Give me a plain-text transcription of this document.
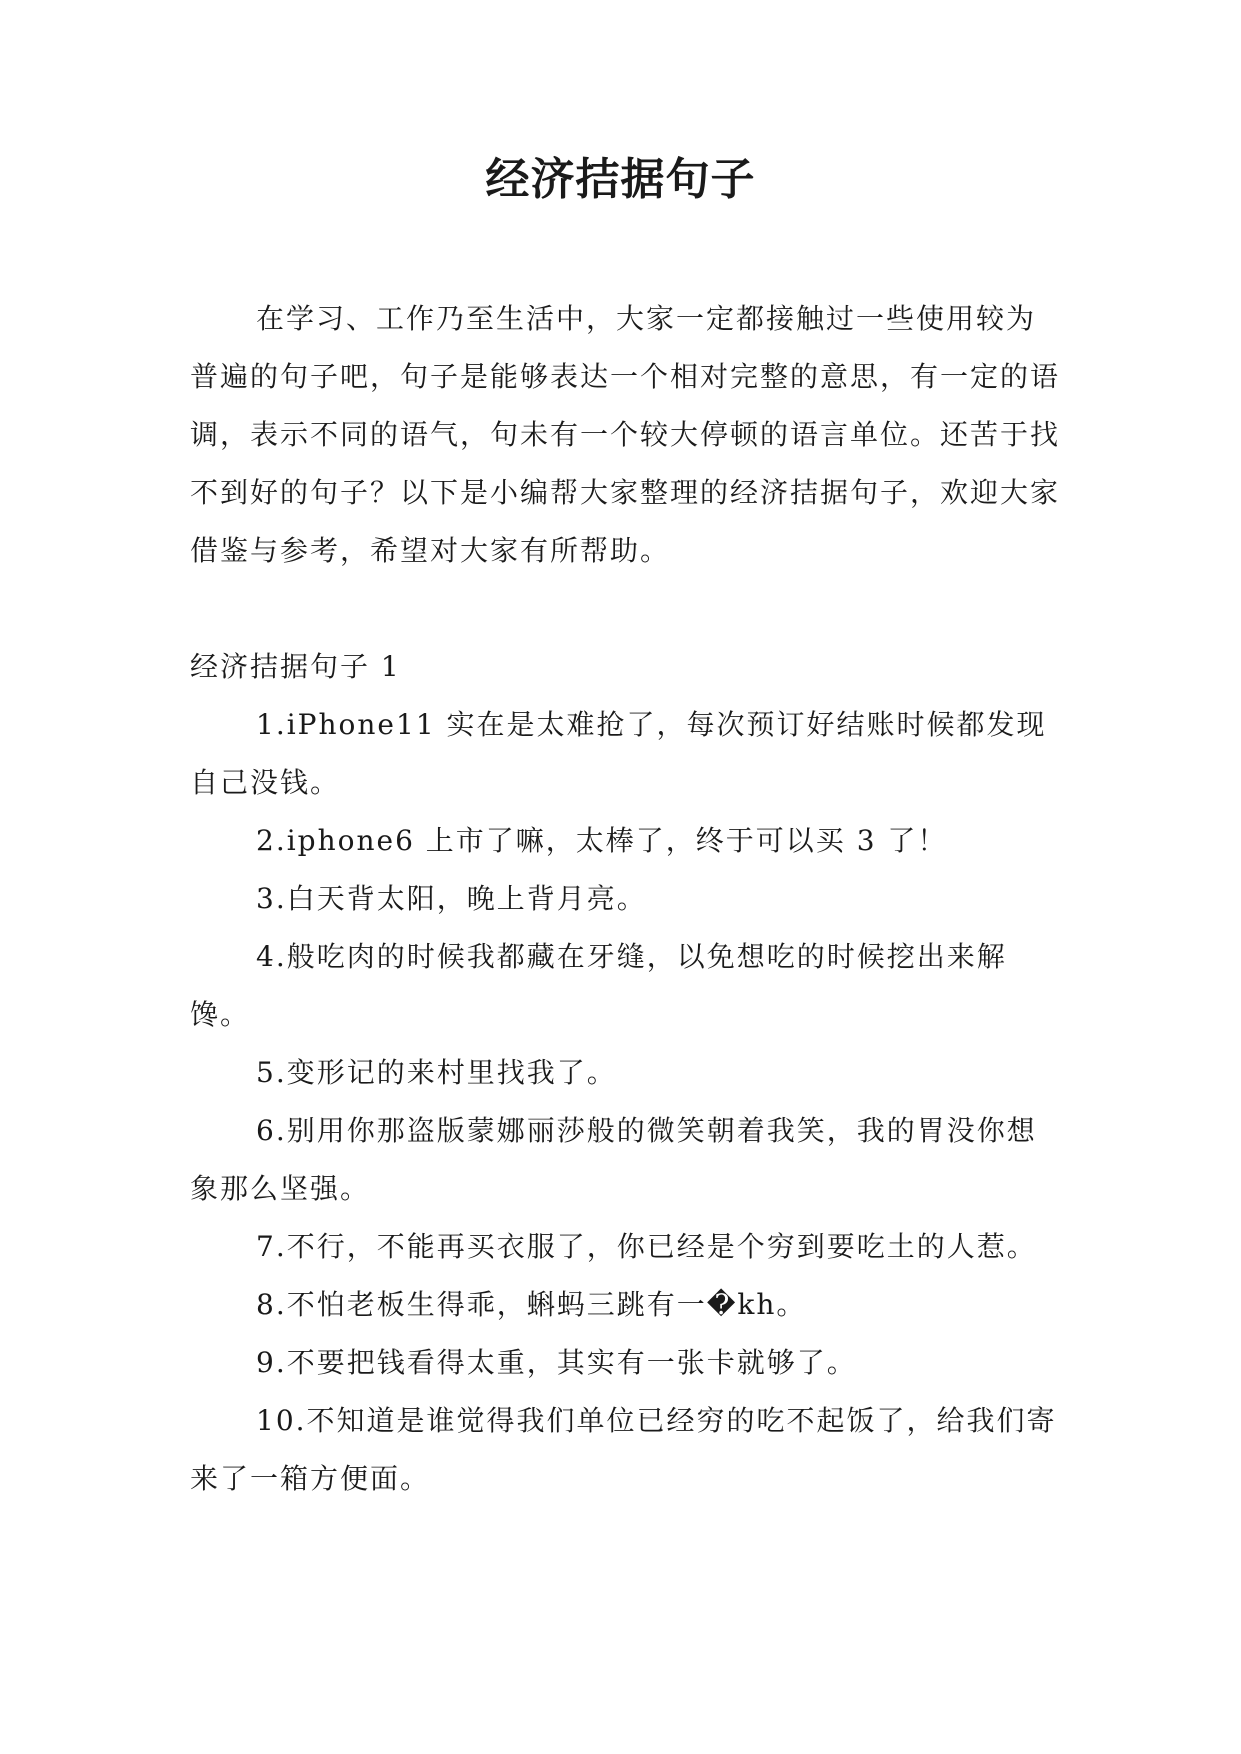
经济拮据句子

在学习、工作乃至生活中，大家一定都接触过一些使用较为普遍的句子吧，句子是能够表达一个相对完整的意思，有一定的语调，表示不同的语气，句未有一个较大停顿的语言单位。还苦于找不到好的句子？以下是小编帮大家整理的经济拮据句子，欢迎大家借鉴与参考，希望对大家有所帮助。

经济拮据句子 1

1.iPhone11 实在是太难抢了，每次预订好结账时候都发现自己没钱。

2.iphone6 上市了嘛，太棒了，终于可以买 3 了！

3.白天背太阳，晚上背月亮。

4.般吃肉的时候我都藏在牙缝，以免想吃的时候挖出来解馋。

5.变形记的来村里找我了。

6.别用你那盗版蒙娜丽莎般的微笑朝着我笑，我的胃没你想象那么坚强。

7.不行，不能再买衣服了，你已经是个穷到要吃土的人惹。

8.不怕老板生得乖，蝌蚂三跳有一�kh。

9.不要把钱看得太重，其实有一张卡就够了。

10.不知道是谁觉得我们单位已经穷的吃不起饭了，给我们寄来了一箱方便面。
